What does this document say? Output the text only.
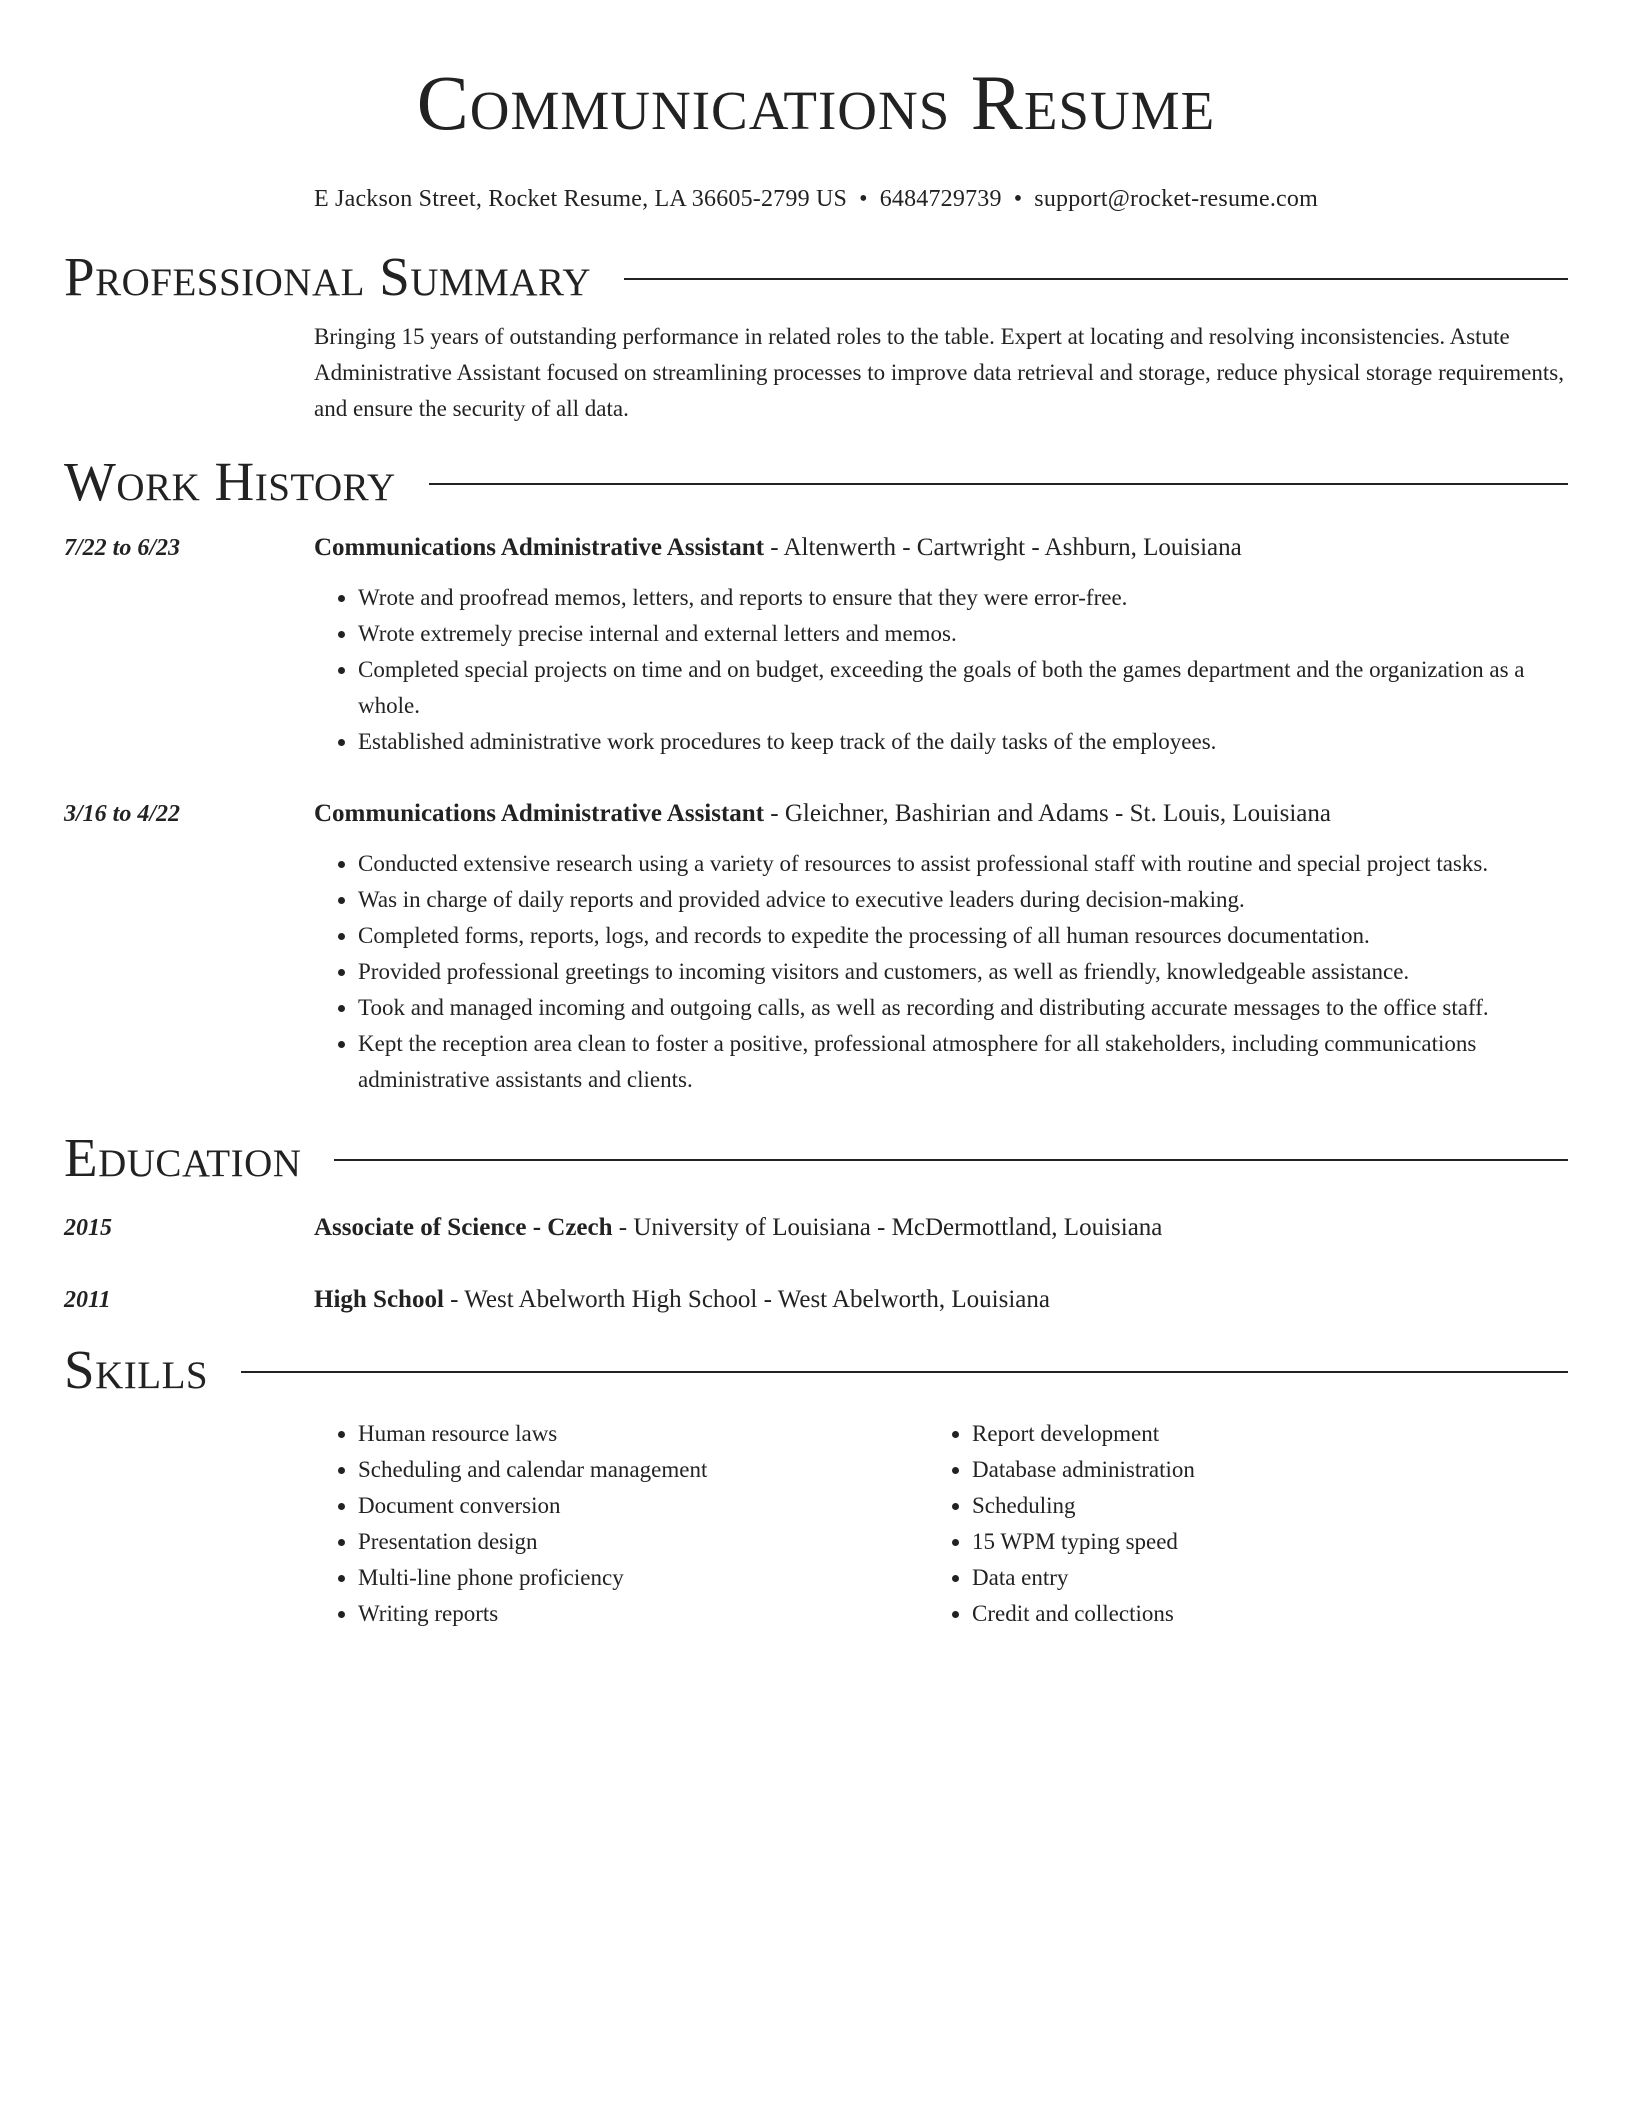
Communications Resume
E Jackson Street, Rocket Resume, LA 36605-2799 US • 6484729739 • support@rocket-resume.com
Professional Summary

Bringing 15 years of outstanding performance in related roles to the table. Expert at locating and resolving inconsistencies. Astute Administrative Assistant focused on streamlining processes to improve data retrieval and storage, reduce physical storage requirements, and ensure the security of all data.

Work History
7/22 to 6/23	Communications Administrative Assistant - Altenwerth - Cartwright - Ashburn, Louisiana
• Wrote and proofread memos, letters, and reports to ensure that they were error-free.
• Wrote extremely precise internal and external letters and memos.
• Completed special projects on time and on budget, exceeding the goals of both the games department and the organization as a whole.
• Established administrative work procedures to keep track of the daily tasks of the employees.
3/16 to 4/22	Communications Administrative Assistant - Gleichner, Bashirian and Adams - St. Louis, Louisiana
• Conducted extensive research using a variety of resources to assist professional staff with routine and special project tasks.
• Was in charge of daily reports and provided advice to executive leaders during decision-making.
• Completed forms, reports, logs, and records to expedite the processing of all human resources documentation.
• Provided professional greetings to incoming visitors and customers, as well as friendly, knowledgeable assistance.
• Took and managed incoming and outgoing calls, as well as recording and distributing accurate messages to the office staff.
• Kept the reception area clean to foster a positive, professional atmosphere for all stakeholders, including communications administrative assistants and clients.
Education
2015	Associate of Science - Czech - University of Louisiana - McDermottland, Louisiana
2011	High School - West Abelworth High School - West Abelworth, Louisiana
Skills
• Human resource laws
• Scheduling and calendar management
• Document conversion
• Presentation design
• Multi-line phone proficiency
• Writing reports
• Report development
• Database administration
• Scheduling
• 15 WPM typing speed
• Data entry
• Credit and collections
